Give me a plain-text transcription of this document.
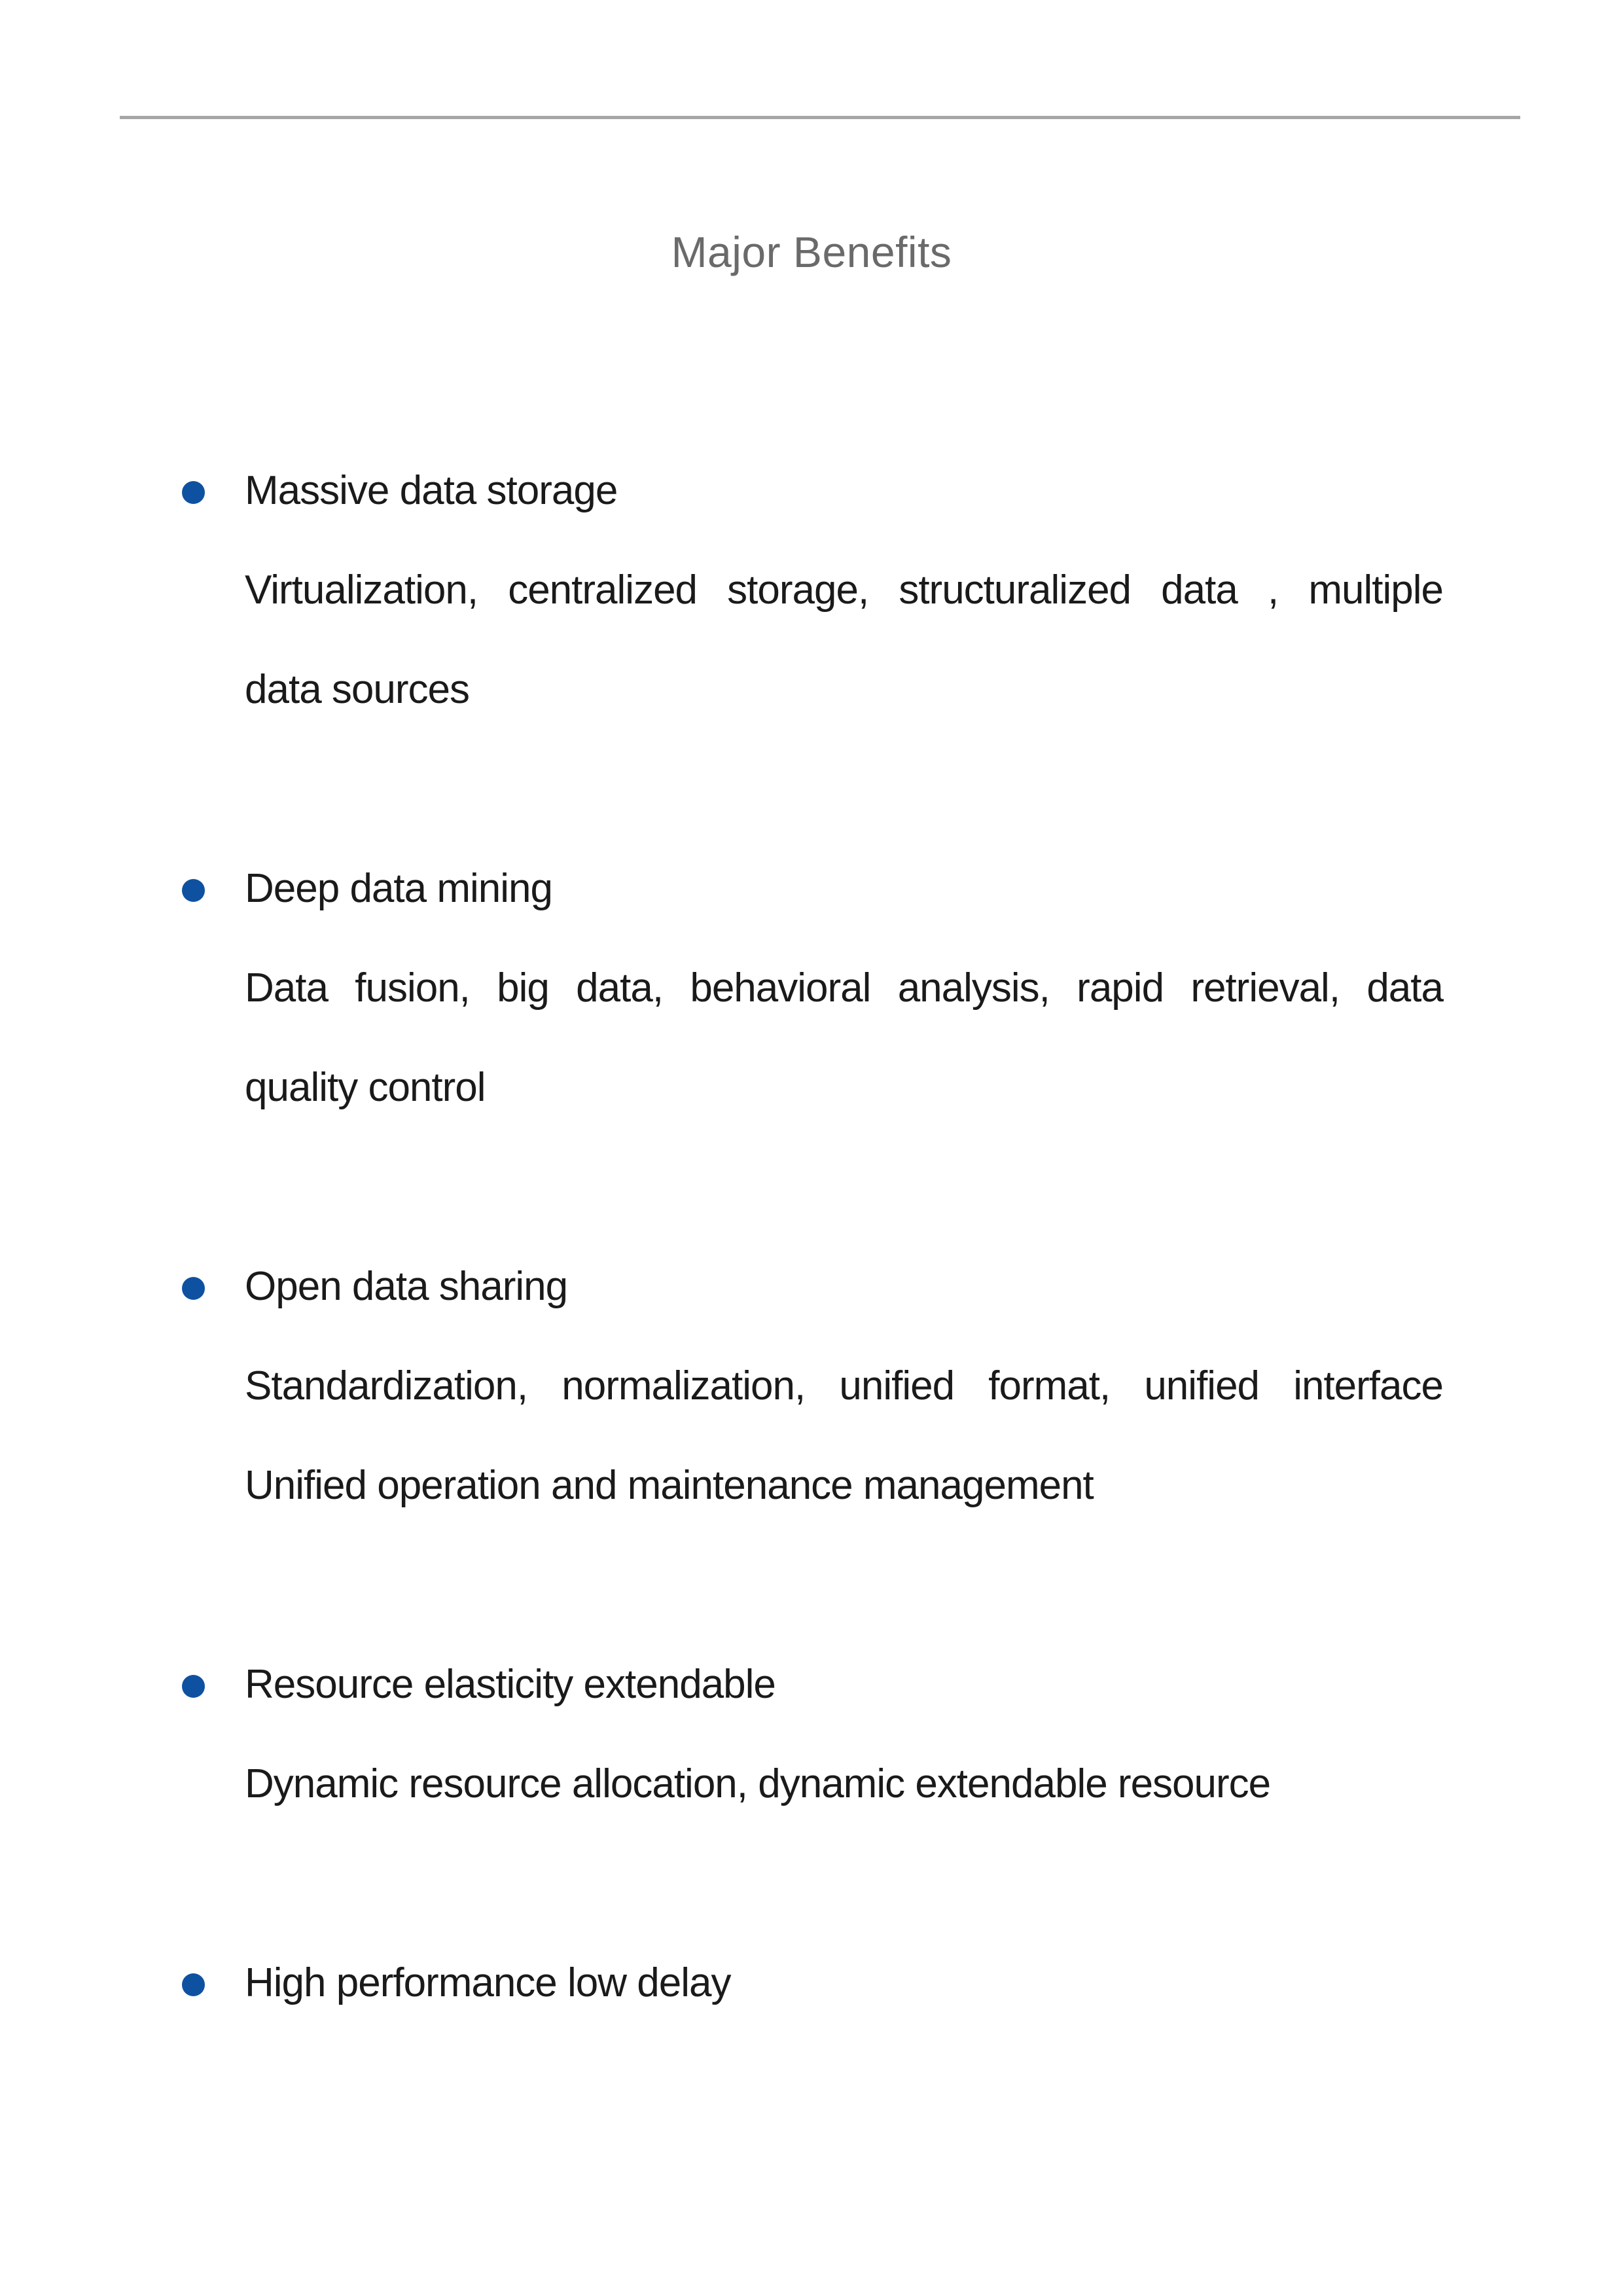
Major Benefits
Massive data storage
Virtualization, centralized storage, structuralized data , multiple
data sources
Deep data mining
Data fusion, big data, behavioral analysis, rapid retrieval, data
quality control
Open data sharing
Standardization, normalization, unified format, unified interface
Unified operation and maintenance management
Resource elasticity extendable
Dynamic resource allocation, dynamic extendable resource
High performance low delay
